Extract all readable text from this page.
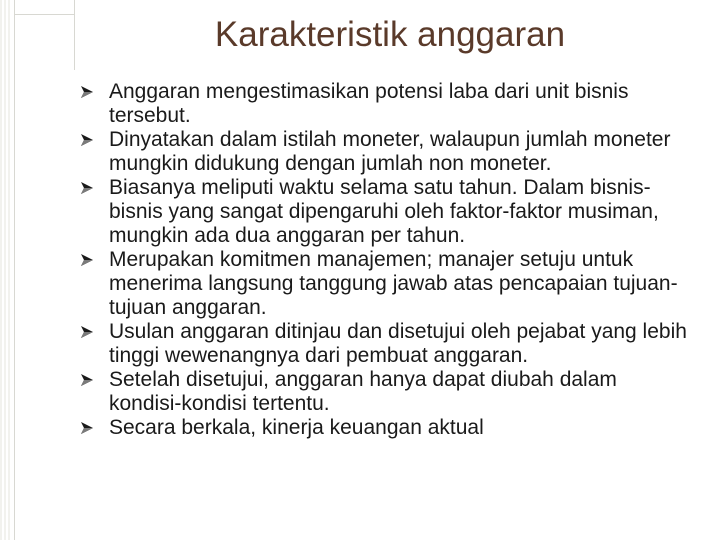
Karakteristik anggaran
Anggaran mengestimasikan potensi laba dari unit bisnis tersebut.
Dinyatakan dalam istilah moneter, walaupun jumlah moneter mungkin didukung dengan jumlah non moneter.
Biasanya meliputi waktu selama satu tahun. Dalam bisnis-bisnis yang sangat dipengaruhi oleh faktor-faktor musiman, mungkin ada dua anggaran per tahun.
Merupakan komitmen manajemen; manajer setuju untuk menerima langsung tanggung jawab atas pencapaian tujuan-tujuan anggaran.
Usulan anggaran ditinjau dan disetujui oleh pejabat yang lebih tinggi wewenangnya dari pembuat anggaran.
Setelah disetujui, anggaran hanya dapat diubah dalam kondisi-kondisi tertentu.
Secara berkala, kinerja keuangan aktual
